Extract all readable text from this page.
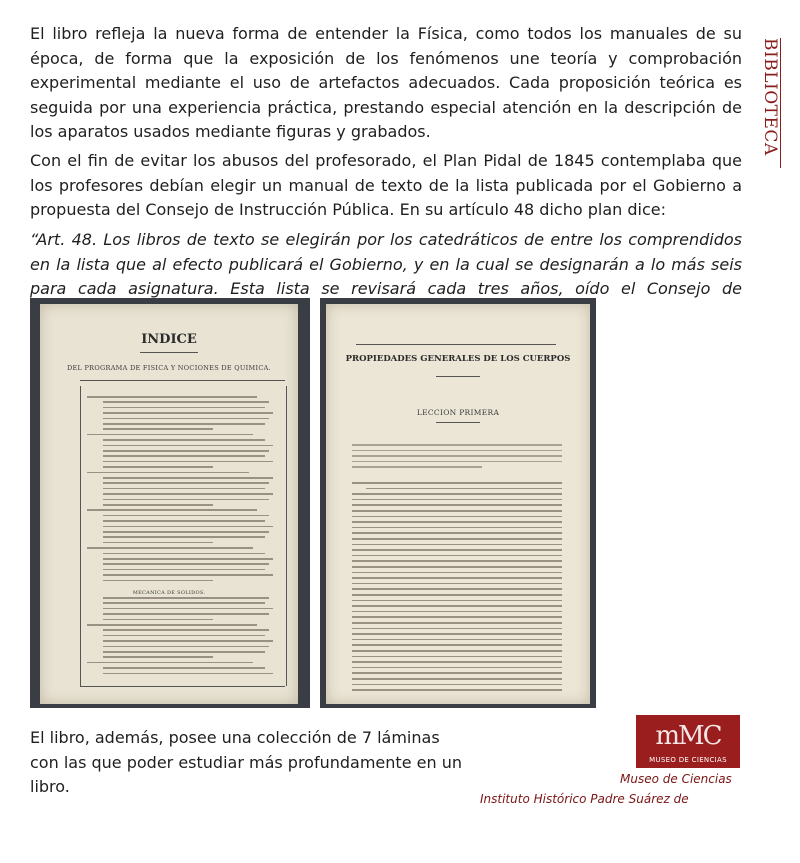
El libro refleja la nueva forma de entender la Física, como todos los manuales de su época, de forma que la exposición de los fenómenos une teoría y comprobación experimental mediante el uso de artefactos adecuados. Cada proposición teórica es seguida por una experiencia práctica, prestando especial atención en la descripción de los aparatos usados mediante figuras y grabados.

Con el fin de evitar los abusos del profesorado, el Plan Pidal de 1845 contemplaba que los profesores debían elegir un manual de texto de la lista publicada por el Gobierno a propuesta del Consejo de Instrucción Pública. En su artículo 48 dicho plan dice:

“Art. 48. Los libros de texto se elegirán por los catedráticos de entre los comprendidos en la lista que al efecto publicará el Gobierno, y en la cual se designarán a lo más seis para cada asignatura. Esta lista se revisará cada tres años, oído el Consejo de

BIBLIOTECA
INDICE
DEL PROGRAMA DE FISICA Y NOCIONES DE QUIMICA.
MECANICA DE SOLIDOS.
PROPIEDADES GENERALES DE LOS CUERPOS
LECCION PRIMERA

El libro, además, posee una colección de 7 láminas con las que poder estudiar más profundamente en un libro.

mMC
MUSEO DE CIENCIAS
Museo de Ciencias
Instituto Histórico Padre Suárez de
